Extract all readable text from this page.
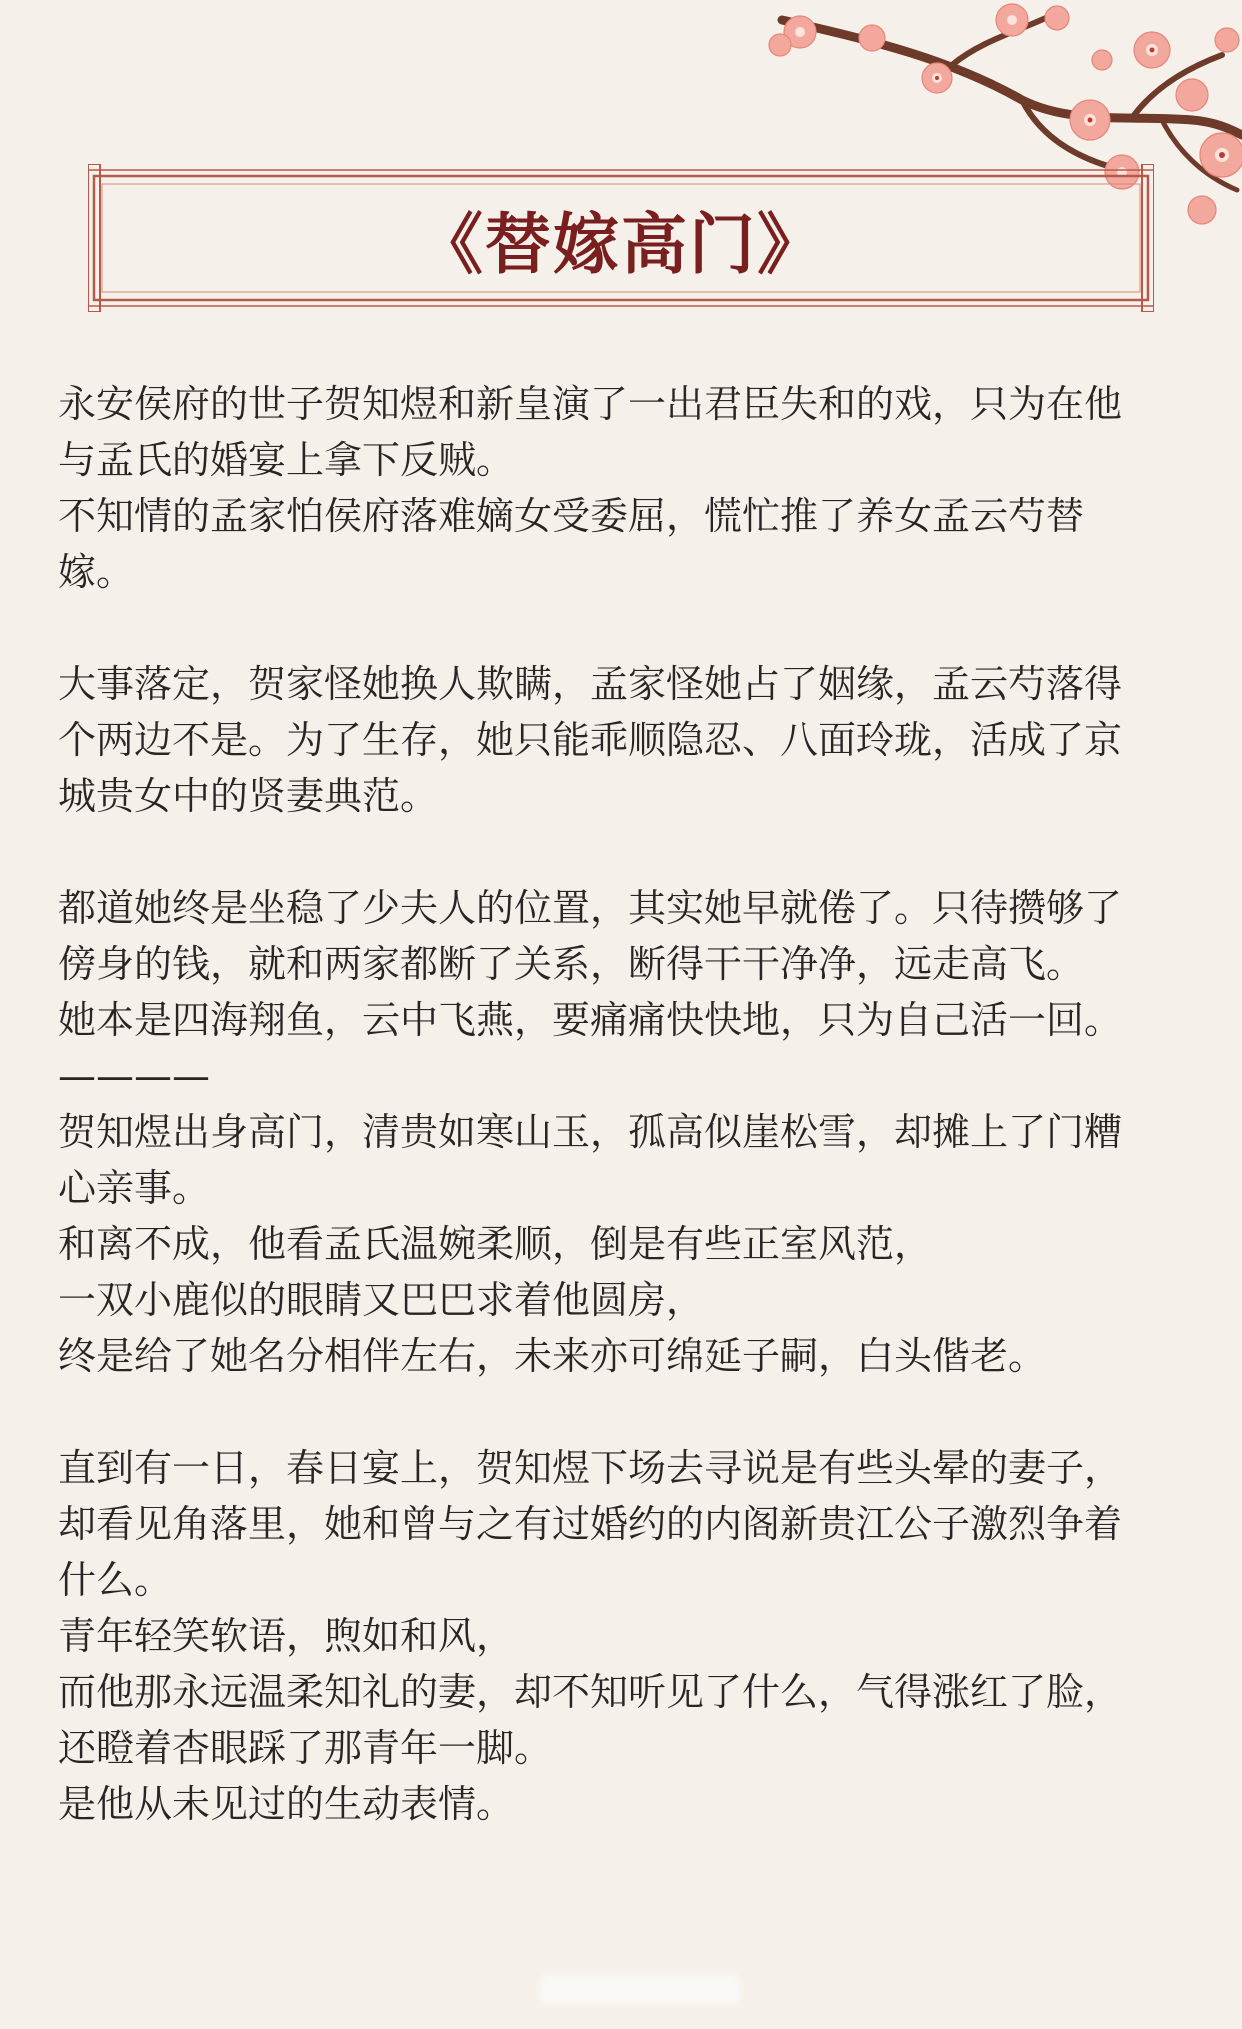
《替嫁高门》
永安侯府的世子贺知煜和新皇演了一出君臣失和的戏，只为在他
与孟氏的婚宴上拿下反贼。
不知情的孟家怕侯府落难嫡女受委屈，慌忙推了养女孟云芍替
嫁。
大事落定，贺家怪她换人欺瞒，孟家怪她占了姻缘，孟云芍落得
个两边不是。为了生存，她只能乖顺隐忍、八面玲珑，活成了京
城贵女中的贤妻典范。
都道她终是坐稳了少夫人的位置，其实她早就倦了。只待攒够了
傍身的钱，就和两家都断了关系，断得干干净净，远走高飞。
她本是四海翔鱼，云中飞燕，要痛痛快快地，只为自己活一回。
————
贺知煜出身高门，清贵如寒山玉，孤高似崖松雪，却摊上了门糟
心亲事。
和离不成，他看孟氏温婉柔顺，倒是有些正室风范，
一双小鹿似的眼睛又巴巴求着他圆房，
终是给了她名分相伴左右，未来亦可绵延子嗣，白头偕老。
直到有一日，春日宴上，贺知煜下场去寻说是有些头晕的妻子，
却看见角落里，她和曾与之有过婚约的内阁新贵江公子激烈争着
什么。
青年轻笑软语，煦如和风，
而他那永远温柔知礼的妻，却不知听见了什么，气得涨红了脸，
还瞪着杏眼踩了那青年一脚。
是他从未见过的生动表情。
